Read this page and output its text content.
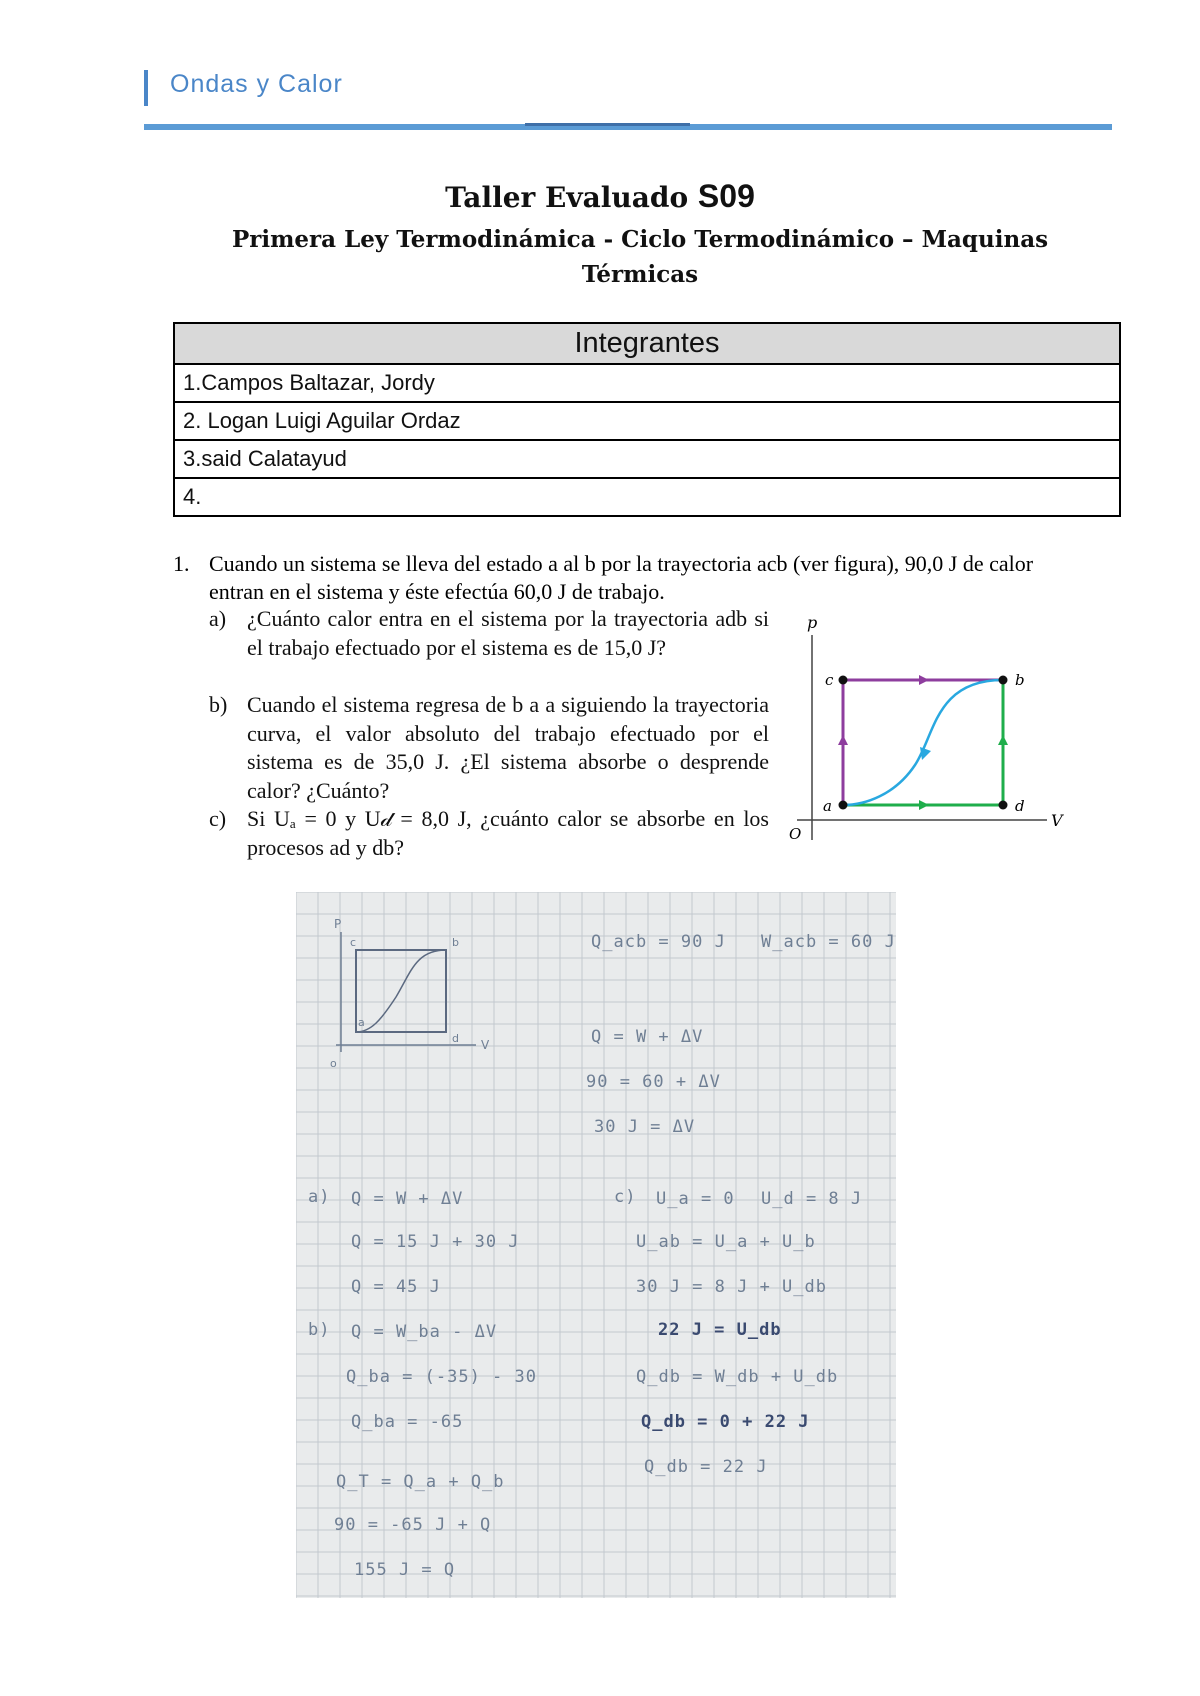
Ondas y Calor
Taller Evaluado S09
Primera Ley Termodinámica - Ciclo Termodinámico – Maquinas Térmicas
Integrantes
1.Campos Baltazar, Jordy
2. Logan Luigi Aguilar Ordaz
3.said Calatayud
4.
1. Cuando un sistema se lleva del estado a al b por la trayectoria acb (ver figura), 90,0 J de calor entran en el sistema y éste efectúa 60,0 J de trabajo.
a) ¿Cuánto calor entra en el sistema por la trayectoria adb si el trabajo efectuado por el sistema es de 15,0 J?
b) Cuando el sistema regresa de b a a siguiendo la trayectoria curva, el valor absoluto del trabajo efectuado por el sistema es de 35,0 J. ¿El sistema absorbe o desprende calor? ¿Cuánto?
c) Si Uₐ = 0 y U𝒹 = 8,0 J, ¿cuánto calor se absorbe en los procesos ad y db?
p
V
O
c	b
a	d
P
V
o
c	b
a
d
Q_acb = 90 J W_acb = 60 J
Q = W + ΔV
90 = 60 + ΔV
30 J = ΔV
a) Q = W + ΔV
Q = 15 J + 30 J
Q = 45 J
b) Q = W_ba - ΔV
Q_ba = (-35) - 30
Q_ba = -65
Q_T = Q_a + Q_b
90 = -65 J + Q
155 J = Q
c) U_a = 0 U_d = 8 J
U_ab = U_a + U_b
30 J = 8 J + U_db
22 J = U_db
Q_db = W_db + U_db
Q_db = 0 + 22 J
Q_db = 22 J
